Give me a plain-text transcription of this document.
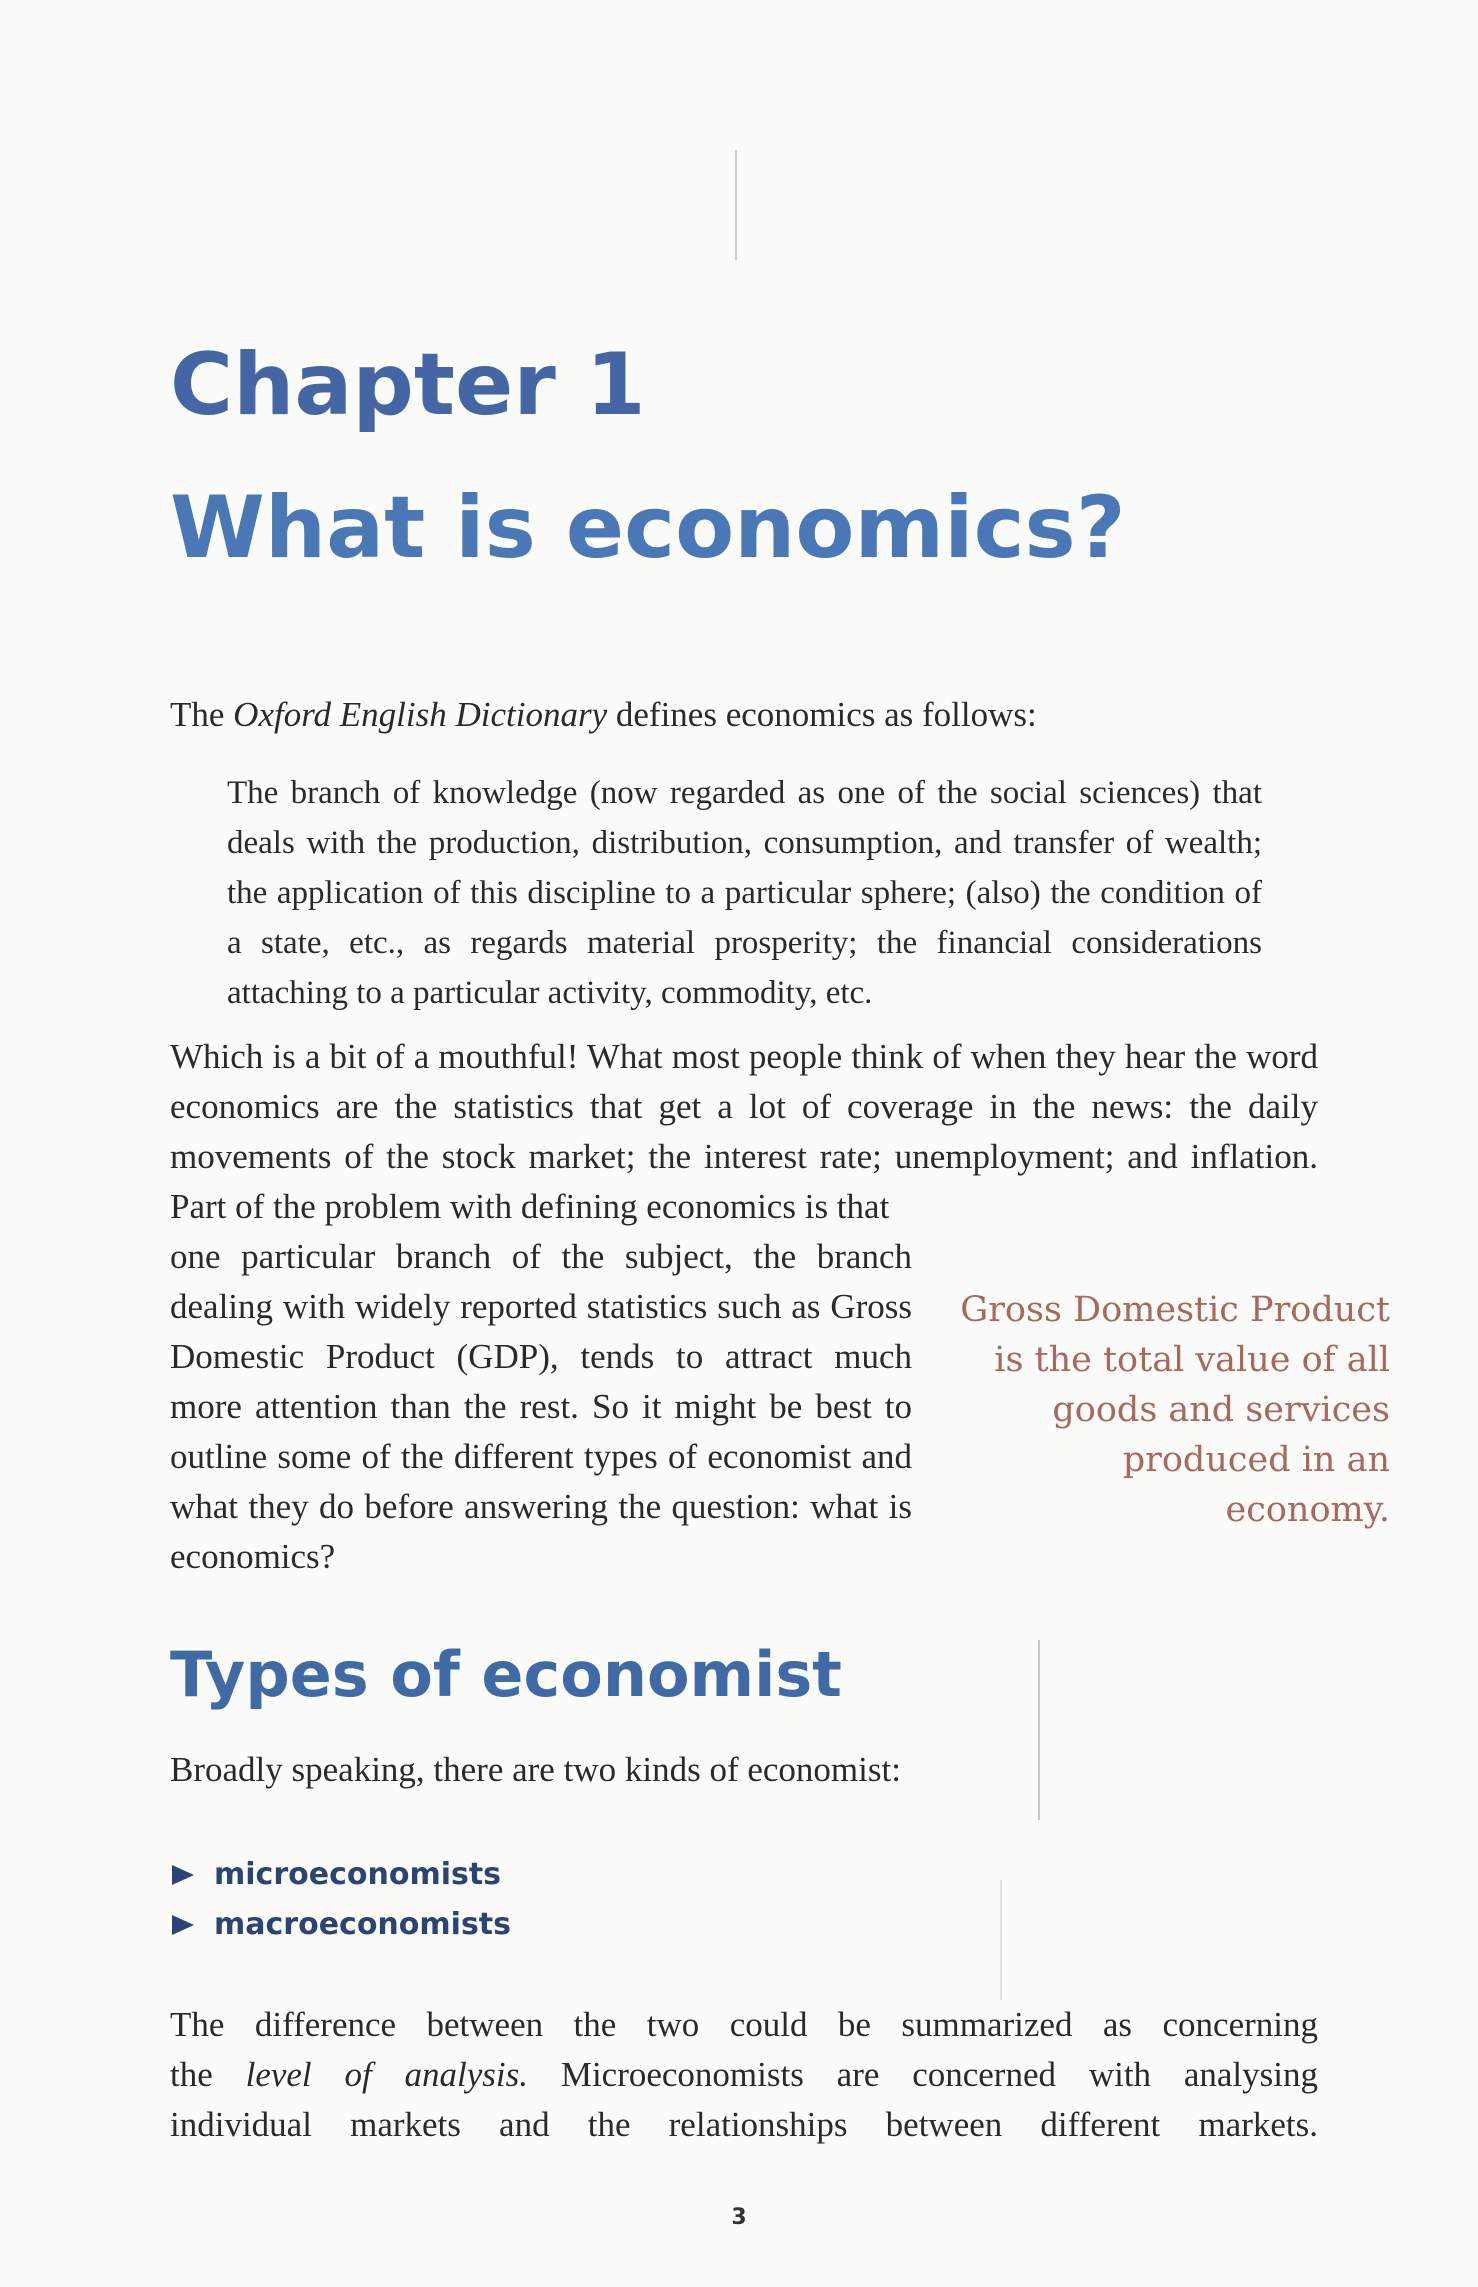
Chapter 1
What is economics?
The Oxford English Dictionary defines economics as follows:
The branch of knowledge (now regarded as one of the social sciences) that deals with the production, distribution, consumption, and transfer of wealth; the application of this discipline to a particular sphere; (also) the condition of a state, etc., as regards material prosperity; the financial considerations attaching to a particular activity, commodity, etc.
Which is a bit of a mouthful! What most people think of when they hear the word economics are the statistics that get a lot of coverage in the news: the daily movements of the stock market; the interest rate; unemployment; and inflation. Part of the problem with defining economics is that
one particular branch of the subject, the branch dealing with widely reported statistics such as Gross Domestic Product (GDP), tends to attract much more attention than the rest. So it might be best to outline some of the different types of economist and what they do before answering the question: what is economics?
Gross Domestic Product is the total value of all goods and services produced in an economy.
Types of economist
Broadly speaking, there are two kinds of economist:
microeconomists
macroeconomists
The difference between the two could be summarized as concerning
the level of analysis. Microeconomists are concerned with analysing
individual markets and the relationships between different markets.
3
